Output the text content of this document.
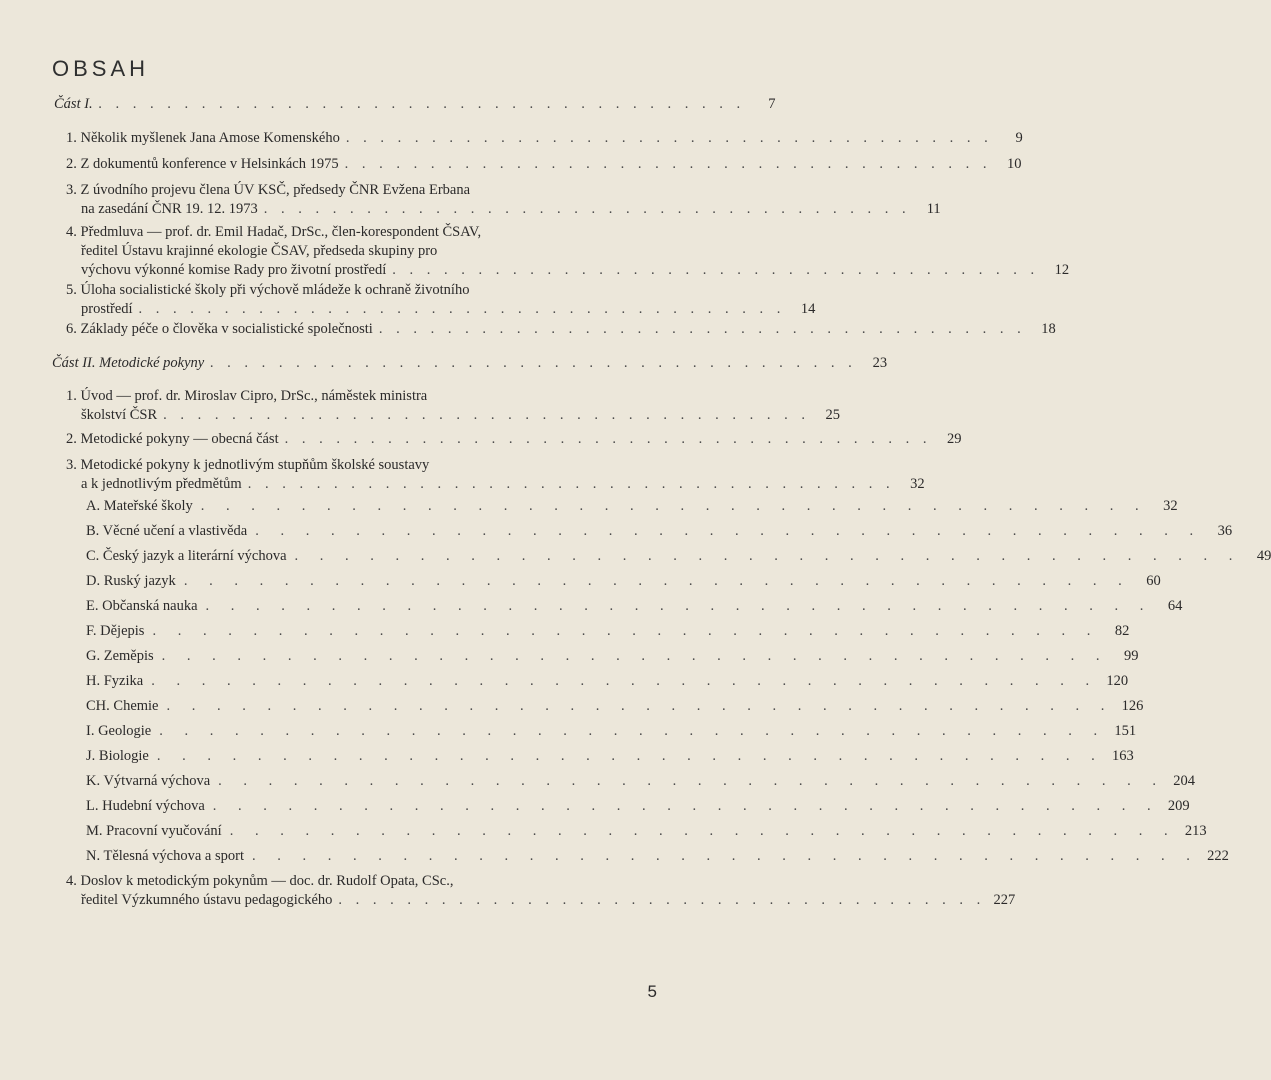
OBSAH
Část I. . . . . . . . . . . . . . . . . . . . . . . . . . . . . . . . . . . . . . .	7
1. Několik myšlenek Jana Amose Komenského . . . . . . . . . . . . . . . . . . . . . . . . . . . . . . . . . . . . . .	9
2. Z dokumentů konference v Helsinkách 1975 . . . . . . . . . . . . . . . . . . . . . . . . . . . . . . . . . . . . . .	10
3. Z úvodního projevu člena ÚV KSČ, předsedy ČNR Evžena Erbana
na zasedání ČNR 19. 12. 1973 . . . . . . . . . . . . . . . . . . . . . . . . . . . . . . . . . . . . . .	11
4. Předmluva — prof. dr. Emil Hadač, DrSc., člen-korespondent ČSAV,
ředitel Ústavu krajinné ekologie ČSAV, předseda skupiny pro
výchovu výkonné komise Rady pro životní prostředí . . . . . . . . . . . . . . . . . . . . . . . . . . . . . . . . . . . . . .	12
5. Úloha socialistické školy při výchově mládeže k ochraně životního
prostředí . . . . . . . . . . . . . . . . . . . . . . . . . . . . . . . . . . . . . .	14
6. Základy péče o člověka v socialistické společnosti . . . . . . . . . . . . . . . . . . . . . . . . . . . . . . . . . . . . . .	18
Část II. Metodické pokyny . . . . . . . . . . . . . . . . . . . . . . . . . . . . . . . . . . . . . .	23
1. Úvod — prof. dr. Miroslav Cipro, DrSc., náměstek ministra
školství ČSR . . . . . . . . . . . . . . . . . . . . . . . . . . . . . . . . . . . . . .	25
2. Metodické pokyny — obecná část . . . . . . . . . . . . . . . . . . . . . . . . . . . . . . . . . . . . . .	29
3. Metodické pokyny k jednotlivým stupňům školské soustavy
a k jednotlivým předmětům . . . . . . . . . . . . . . . . . . . . . . . . . . . . . . . . . . . . . .	32
A. Mateřské školy . . . . . . . . . . . . . . . . . . . . . . . . . . . . . . . . . . . . . .	32
B. Věcné učení a vlastivěda . . . . . . . . . . . . . . . . . . . . . . . . . . . . . . . . . . . . . .	36
C. Český jazyk a literární výchova . . . . . . . . . . . . . . . . . . . . . . . . . . . . . . . . . . . . . .	49
D. Ruský jazyk . . . . . . . . . . . . . . . . . . . . . . . . . . . . . . . . . . . . . .	60
E. Občanská nauka . . . . . . . . . . . . . . . . . . . . . . . . . . . . . . . . . . . . . .	64
F. Dějepis . . . . . . . . . . . . . . . . . . . . . . . . . . . . . . . . . . . . . .	82
G. Zeměpis . . . . . . . . . . . . . . . . . . . . . . . . . . . . . . . . . . . . . .	99
H. Fyzika . . . . . . . . . . . . . . . . . . . . . . . . . . . . . . . . . . . . . . 120
CH. Chemie . . . . . . . . . . . . . . . . . . . . . . . . . . . . . . . . . . . . . . 126
I. Geologie . . . . . . . . . . . . . . . . . . . . . . . . . . . . . . . . . . . . . . 151
J. Biologie . . . . . . . . . . . . . . . . . . . . . . . . . . . . . . . . . . . . . . 163
K. Výtvarná výchova . . . . . . . . . . . . . . . . . . . . . . . . . . . . . . . . . . . . . . 204
L. Hudební výchova . . . . . . . . . . . . . . . . . . . . . . . . . . . . . . . . . . . . . . 209
M. Pracovní vyučování . . . . . . . . . . . . . . . . . . . . . . . . . . . . . . . . . . . . . . 213
N. Tělesná výchova a sport . . . . . . . . . . . . . . . . . . . . . . . . . . . . . . . . . . . . . . 222
4. Doslov k metodickým pokynům — doc. dr. Rudolf Opata, CSc.,
ředitel Výzkumného ústavu pedagogického . . . . . . . . . . . . . . . . . . . . . . . . . . . . . . . . . . . . . . 227
5
